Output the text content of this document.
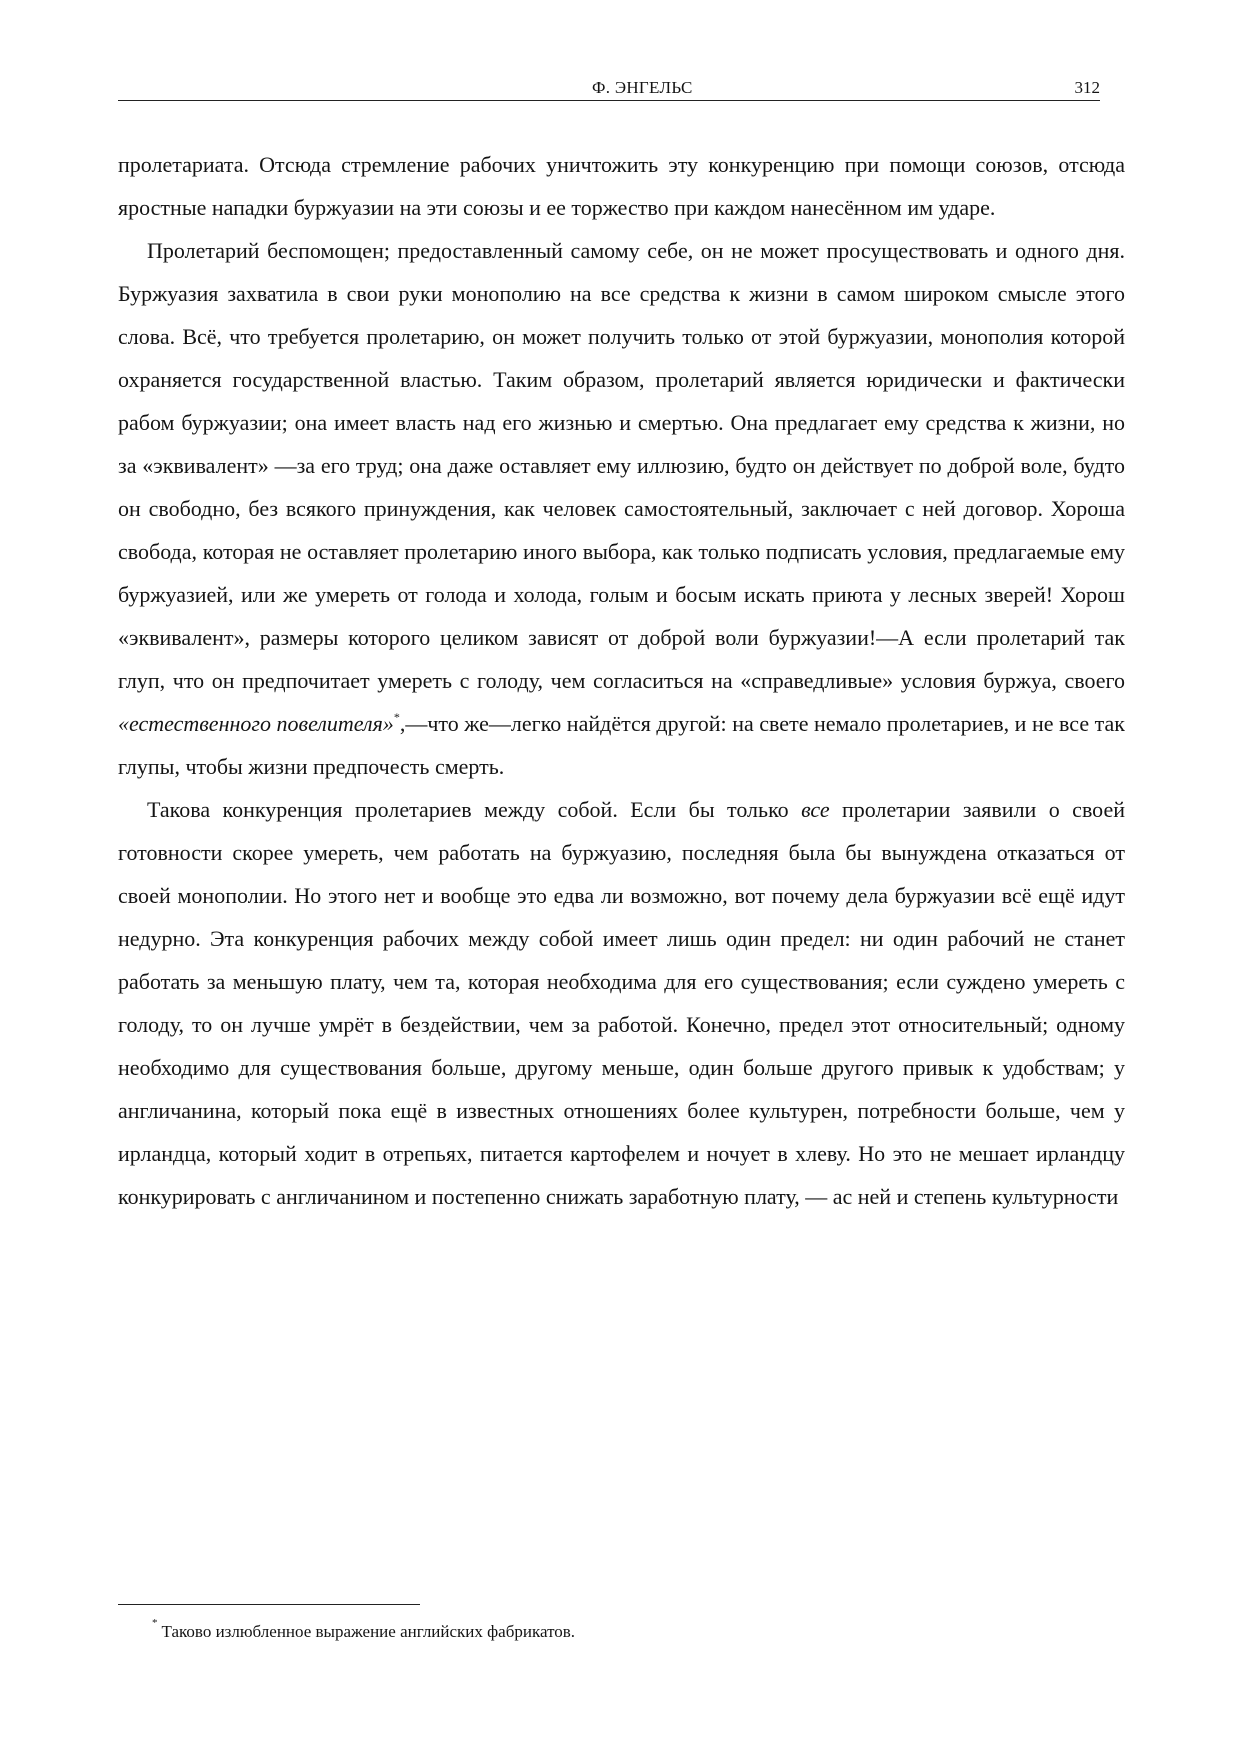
Ф. ЭНГЕЛЬС	312

пролетариата. Отсюда стремление рабочих уничтожить эту конкуренцию при помощи союзов, отсюда яростные нападки буржуазии на эти союзы и ее торжество при каждом нанесённом им ударе.

Пролетарий беспомощен; предоставленный самому себе, он не может просуществовать и одного дня. Буржуазия захватила в свои руки монополию на все средства к жизни в самом широком смысле этого слова. Всё, что требуется пролетарию, он может получить только от этой буржуазии, монополия которой охраняется государственной властью. Таким образом, пролетарий является юридически и фактически рабом буржуазии; она имеет власть над его жизнью и смертью. Она предлагает ему средства к жизни, но за «эквивалент» —за его труд; она даже оставляет ему иллюзию, будто он действует по доброй воле, будто он свободно, без всякого принуждения, как человек самостоятельный, заключает с ней договор. Хороша свобода, которая не оставляет пролетарию иного выбора, как только подписать условия, предлагаемые ему буржуазией, или же умереть от голода и холода, голым и босым искать приюта у лесных зверей! Хорош «эквивалент», размеры которого целиком зависят от доброй воли буржуазии!—А если пролетарий так глуп, что он предпочитает умереть с голоду, чем согласиться на «справедливые» условия буржуа, своего «естественного повелителя»*,—что же—легко найдётся другой: на свете немало пролетариев, и не все так глупы, чтобы жизни предпочесть смерть.

Такова конкуренция пролетариев между собой. Если бы только все пролетарии заявили о своей готовности скорее умереть, чем работать на буржуазию, последняя была бы вынуждена отказаться от своей монополии. Но этого нет и вообще это едва ли возможно, вот почему дела буржуазии всё ещё идут недурно. Эта конкуренция рабочих между собой имеет лишь один предел: ни один рабочий не станет работать за меньшую плату, чем та, которая необходима для его существования; если суждено умереть с голоду, то он лучше умрёт в бездействии, чем за работой. Конечно, предел этот относительный; одному необходимо для существования больше, другому меньше, один больше другого привык к удобствам; у англичанина, который пока ещё в известных отношениях более культурен, потребности больше, чем у ирландца, который ходит в отрепьях, питается картофелем и ночует в хлеву. Но это не мешает ирландцу конкурировать с англичанином и постепенно снижать заработную плату, — ас ней и степень культурности

* Таково излюбленное выражение английских фабрикатов.
